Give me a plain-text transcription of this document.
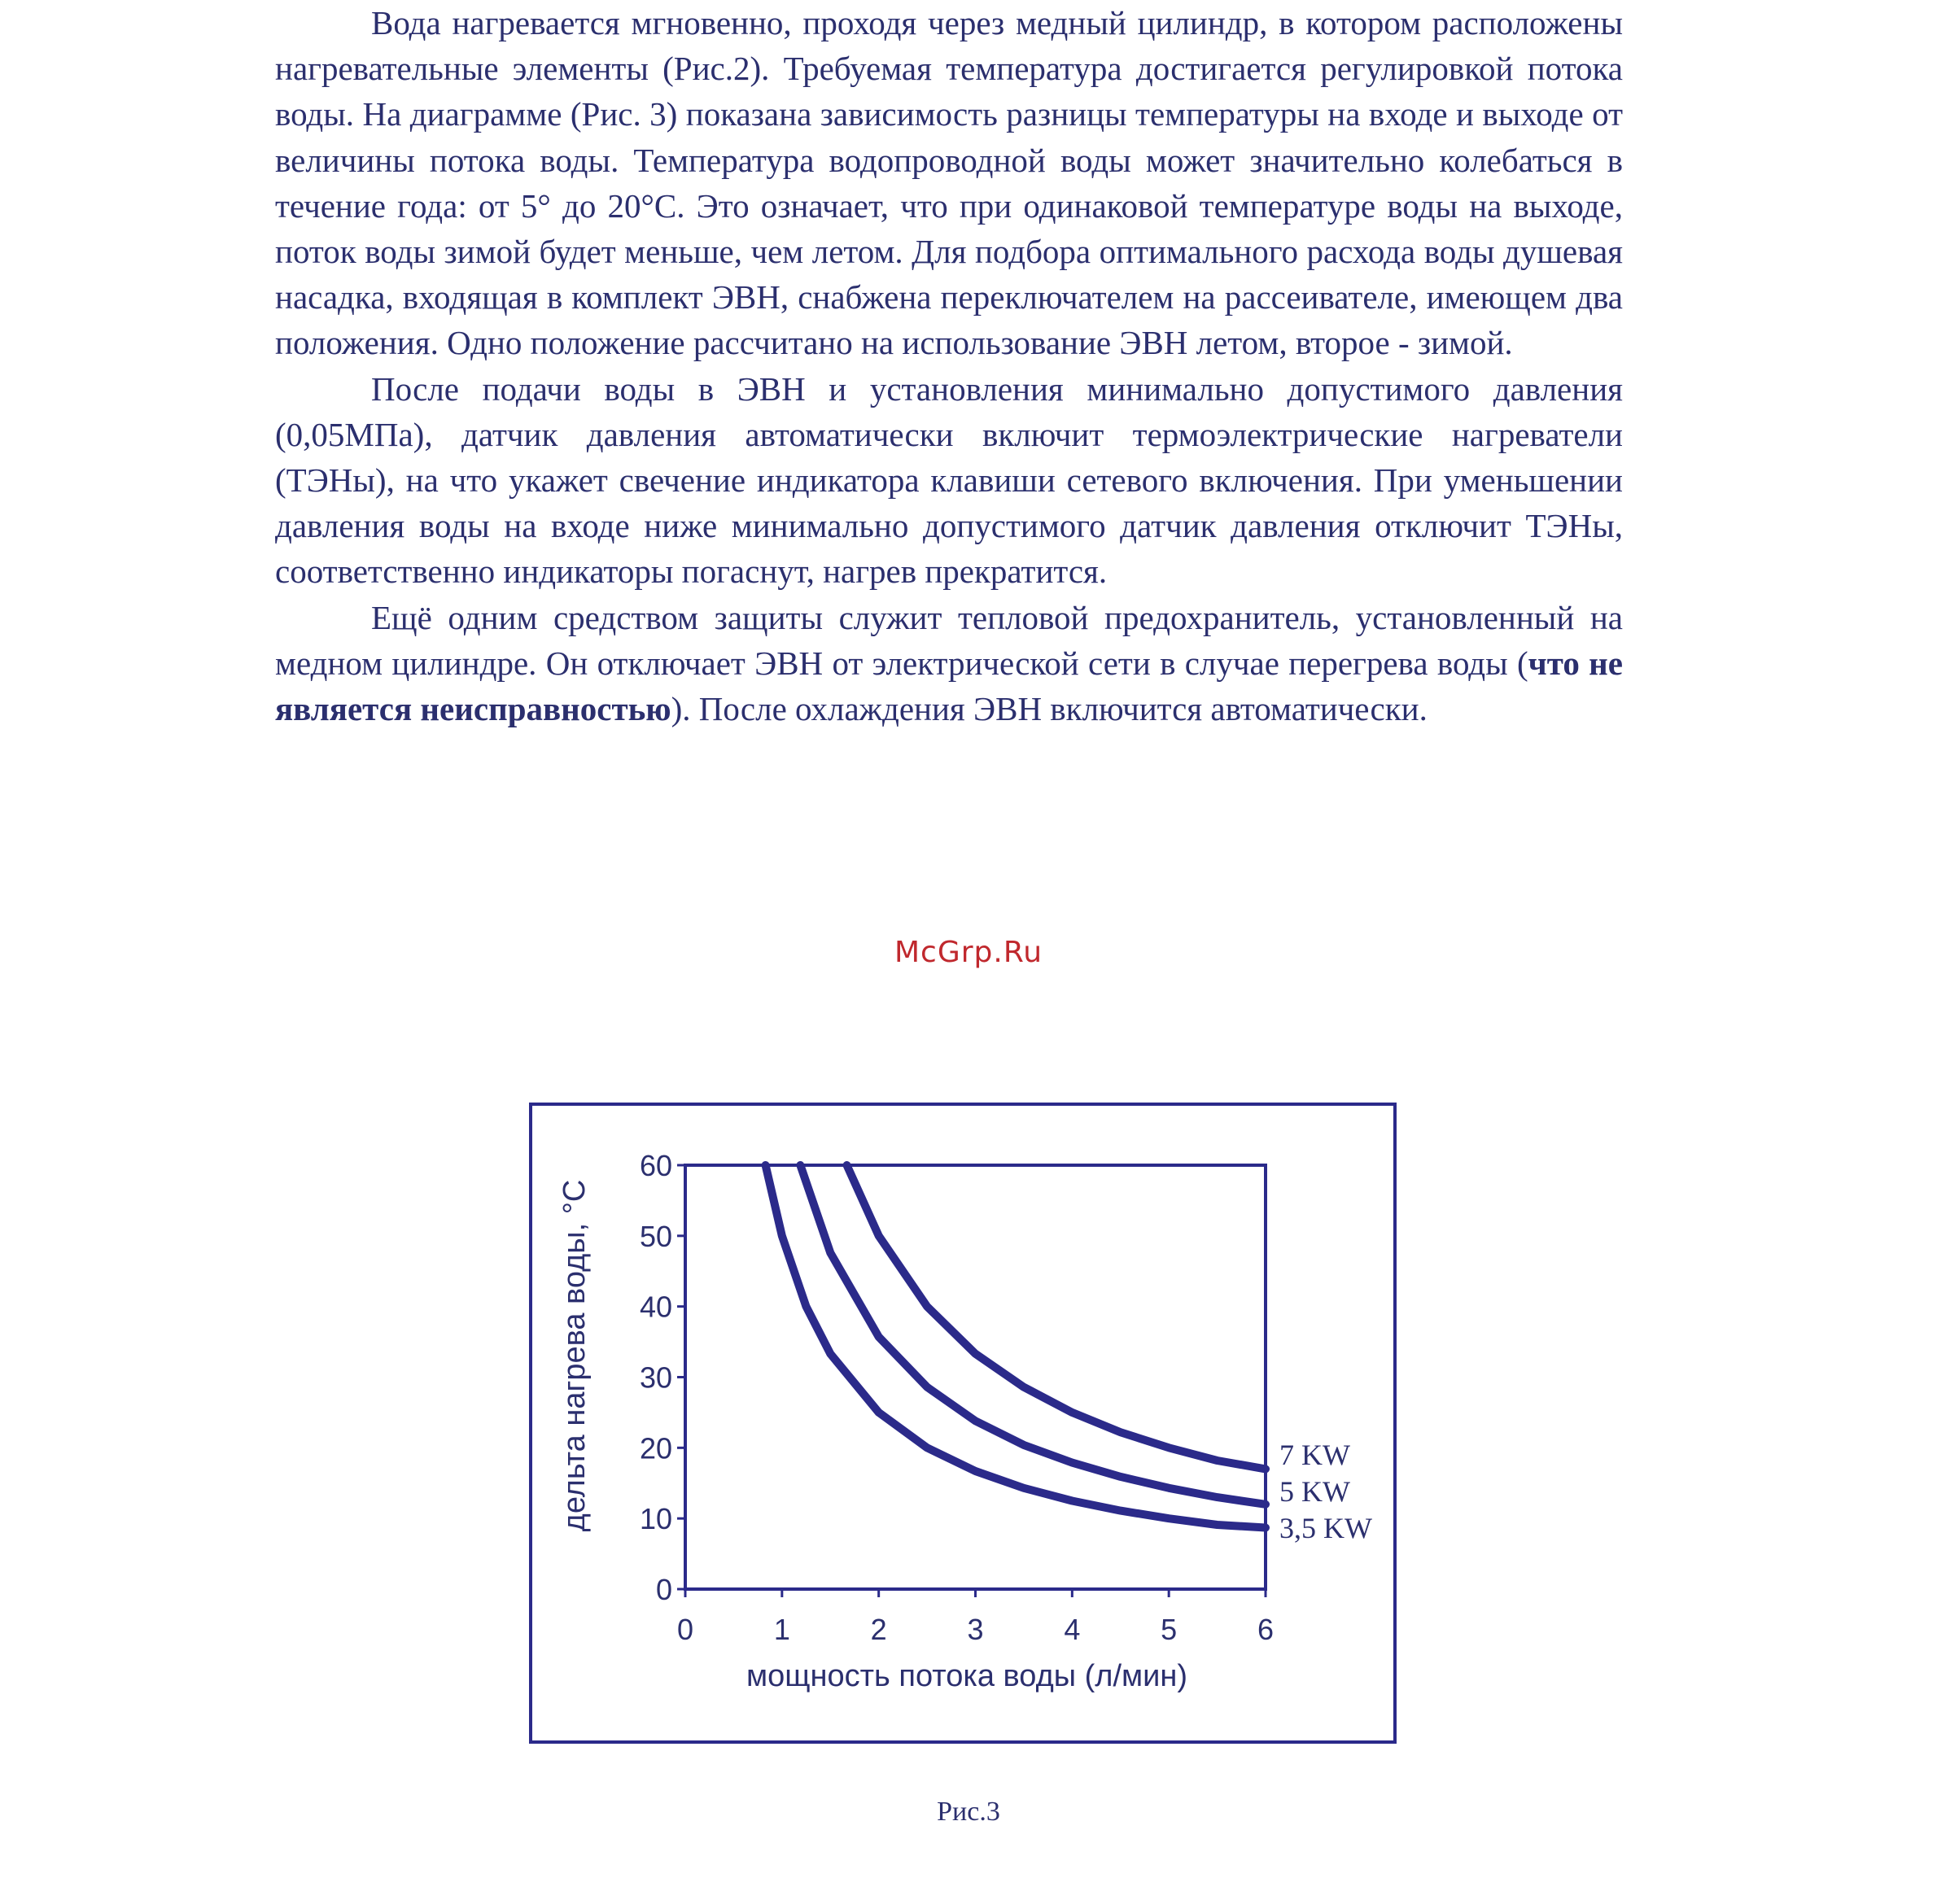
Вода нагревается мгновенно, проходя через медный цилиндр, в котором расположены нагревательные элементы (Рис.2). Требуемая температура достигается регулировкой потока воды. На диаграмме (Рис. 3) показана зависимость разницы температуры на входе и выходе от величины потока воды. Температура водопроводной воды может значительно колебаться в течение года: от 5° до 20°С. Это означает, что при одинаковой температуре воды на выходе, поток воды зимой будет меньше, чем летом. Для подбора оптимального расхода воды душевая насадка, входящая в комплект ЭВН, снабжена переключателем на рассеивателе, имеющем два положения. Одно положение рассчитано на использование ЭВН летом, второе - зимой.

После подачи воды в ЭВН и установления минимально допустимого давления (0,05МПа), датчик давления автоматически включит термоэлектрические нагреватели (ТЭНы), на что укажет свечение индикатора клавиши сетевого включения. При уменьшении давления воды на входе ниже минимально допустимого датчик давления отключит ТЭНы, соответственно индикаторы погаснут, нагрев прекратится.

Ещё одним средством защиты служит тепловой предохранитель, установленный на медном цилиндре. Он отключает ЭВН от электрической сети в случае перегрева воды (что не является неисправностью). После охлаждения ЭВН включится автоматически.

McGrp.Ru
0
10
20
30
40
50
60
0	1	2	3	4	5	6
7 KW
5 KW
3,5 KW
дельта нагрева воды, °С
мощность потока воды (л/мин)
Рис.3
